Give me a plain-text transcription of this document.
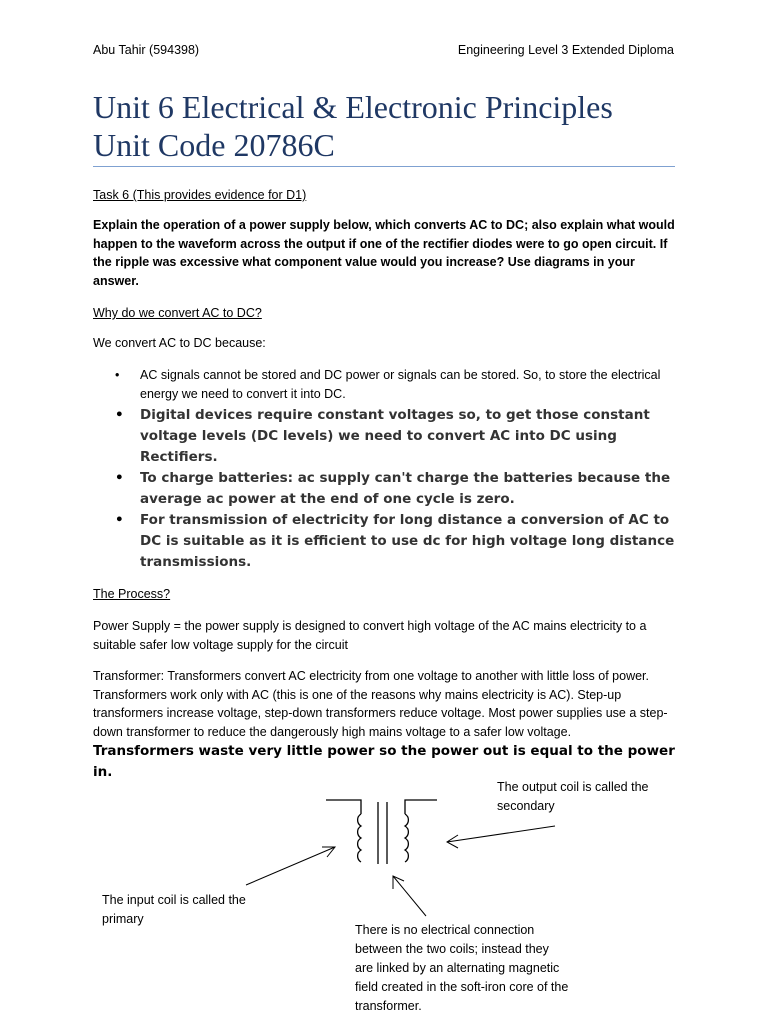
Abu Tahir (594398)	Engineering Level 3 Extended Diploma
Unit 6 Electrical & Electronic Principles
Unit Code 20786C
Task 6 (This provides evidence for D1)
Explain the operation of a power supply below, which converts AC to DC; also explain what would happen to the waveform across the output if one of the rectifier diodes were to go open circuit. If the ripple was excessive what component value would you increase? Use diagrams in your answer.
Why do we convert AC to DC?
We convert AC to DC because:
• AC signals cannot be stored and DC power or signals can be stored. So, to store the electrical energy we need to convert it into DC.
• Digital devices require constant voltages so, to get those constant voltage levels (DC levels) we need to convert AC into DC using Rectifiers.
• To charge batteries: ac supply can't charge the batteries because the average ac power at the end of one cycle is zero.
• For transmission of electricity for long distance a conversion of AC to DC is suitable as it is efficient to use dc for high voltage long distance transmissions.
The Process?
Power Supply = the power supply is designed to convert high voltage of the AC mains electricity to a suitable safer low voltage supply for the circuit
Transformer: Transformers convert AC electricity from one voltage to another with little loss of power. Transformers work only with AC (this is one of the reasons why mains electricity is AC). Step-up transformers increase voltage, step-down transformers reduce voltage. Most power supplies use a step-down transformer to reduce the dangerously high mains voltage to a safer low voltage.
Transformers waste very little power so the power out is equal to the power in.
The output coil is called the secondary
The input coil is called the primary
There is no electrical connection between the two coils; instead they are linked by an alternating magnetic field created in the soft-iron core of the transformer.
